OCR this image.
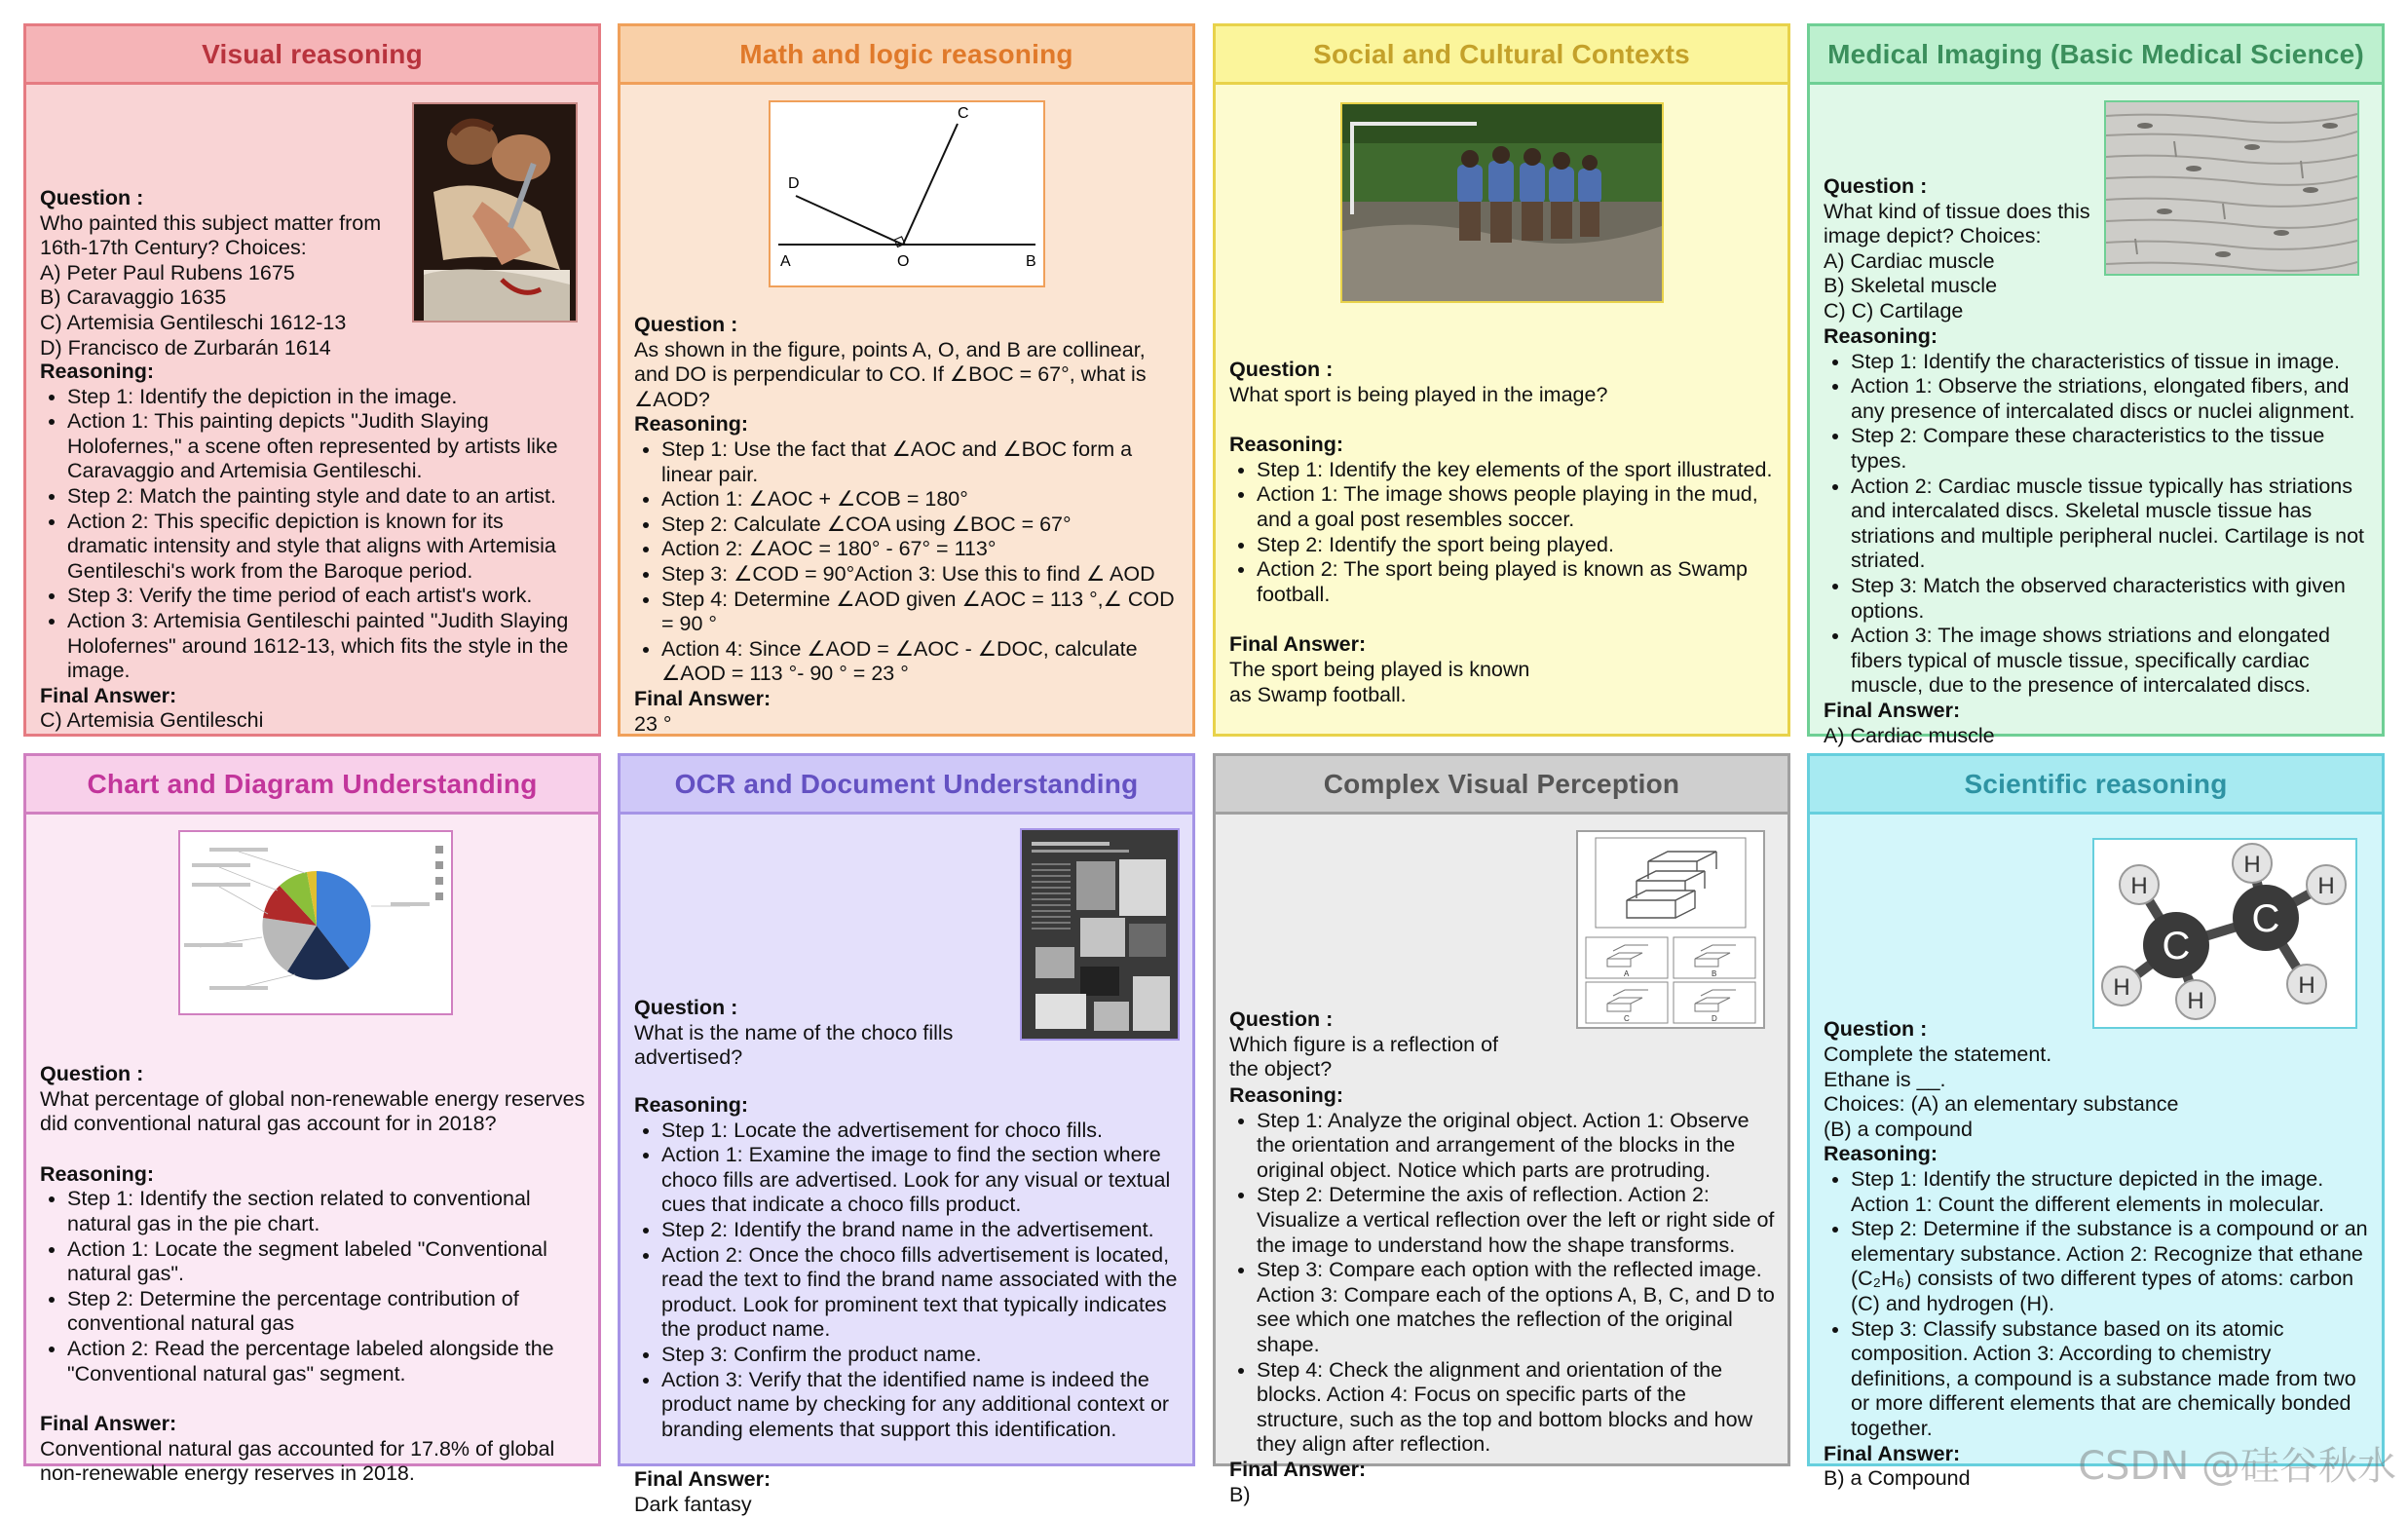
Visual reasoning
Question :
Who painted this subject matter from
16th-17th Century? Choices:
A) Peter Paul Rubens 1675
B) Caravaggio 1635
C) Artemisia Gentileschi 1612-13
D) Francisco de Zurbarán 1614
Reasoning:
• Step 1: Identify the depiction in the image.
• Action 1: This painting depicts "Judith Slaying Holofernes," a scene often represented by artists like Caravaggio and Artemisia Gentileschi.
• Step 2: Match the painting style and date to an artist.
• Action 2: This specific depiction is known for its dramatic intensity and style that aligns with Artemisia Gentileschi's work from the Baroque period.
• Step 3: Verify the time period of each artist's work.
• Action 3: Artemisia Gentileschi painted "Judith Slaying Holofernes" around 1612-13, which fits the style in the image.
Final Answer:
C) Artemisia Gentileschi
Math and logic reasoning
A	O	B
C
D
Question :
As shown in the figure, points A, O, and B are collinear, and DO is perpendicular to CO. If ∠BOC = 67°, what is ∠AOD?
Reasoning:
• Step 1: Use the fact that ∠AOC and ∠BOC form a linear pair.
• Action 1: ∠AOC + ∠COB = 180°
• Step 2: Calculate ∠COA using ∠BOC = 67°
• Action 2: ∠AOC = 180° - 67° = 113°
• Step 3: ∠COD = 90°Action 3: Use this to find ∠ AOD
• Step 4: Determine ∠AOD given ∠AOC = 113 °,∠ COD = 90 °
• Action 4: Since ∠AOD = ∠AOC - ∠DOC, calculate ∠AOD = 113 °- 90 ° = 23 °
Final Answer:
23 °
Social and Cultural Contexts
Question :
What sport is being played in the image?
Reasoning:
• Step 1: Identify the key elements of the sport illustrated.
• Action 1: The image shows people playing in the mud, and a goal post resembles soccer.
• Step 2: Identify the sport being played.
• Action 2: The sport being played is known as Swamp football.
Final Answer:
The sport being played is known
as Swamp football.
Medical Imaging (Basic Medical Science)
Question :
What kind of tissue does this
image depict? Choices:
A) Cardiac muscle
B) Skeletal muscle
C) C) Cartilage
Reasoning:
• Step 1: Identify the characteristics of tissue in image.
• Action 1: Observe the striations, elongated fibers, and any presence of intercalated discs or nuclei alignment.
• Step 2: Compare these characteristics to the tissue types.
• Action 2: Cardiac muscle tissue typically has striations and intercalated discs. Skeletal muscle tissue has striations and multiple peripheral nuclei. Cartilage is not striated.
• Step 3: Match the observed characteristics with given options.
• Action 3: The image shows striations and elongated fibers typical of muscle tissue, specifically cardiac muscle, due to the presence of intercalated discs.
Final Answer:
A) Cardiac muscle
Chart and Diagram Understanding
Question :
What percentage of global non-renewable energy reserves did conventional natural gas account for in 2018?
Reasoning:
• Step 1: Identify the section related to conventional natural gas in the pie chart.
• Action 1: Locate the segment labeled "Conventional natural gas".
• Step 2: Determine the percentage contribution of conventional natural gas
• Action 2: Read the percentage labeled alongside the "Conventional natural gas" segment.
Final Answer:
Conventional natural gas accounted for 17.8% of global non-renewable energy reserves in 2018.
OCR and Document Understanding
Question :
What is the name of the choco fills advertised?
Reasoning:
• Step 1: Locate the advertisement for choco fills.
• Action 1: Examine the image to find the section where choco fills are advertised. Look for any visual or textual cues that indicate a choco fills product.
• Step 2: Identify the brand name in the advertisement.
• Action 2: Once the choco fills advertisement is located, read the text to find the brand name associated with the product. Look for prominent text that typically indicates the product name.
• Step 3: Confirm the product name.
• Action 3: Verify that the identified name is indeed the product name by checking for any additional context or branding elements that support this identification.
Final Answer:
Dark fantasy
Complex Visual Perception
A	B
C	D
Question :
Which figure is a reflection of
the object?
Reasoning:
• Step 1: Analyze the original object. Action 1: Observe the orientation and arrangement of the blocks in the original object. Notice which parts are protruding.
• Step 2: Determine the axis of reflection. Action 2: Visualize a vertical reflection over the left or right side of the image to understand how the shape transforms.
• Step 3: Compare each option with the reflected image. Action 3: Compare each of the options A, B, C, and D to see which one matches the reflection of the original shape.
• Step 4: Check the alignment and orientation of the blocks. Action 4: Focus on specific parts of the structure, such as the top and bottom blocks and how they align after reflection.
Final Answer:
B)
Scientific reasoning
H
H
H
H
H
H
C
C
Question :
Complete the statement.
Ethane is __.
Choices: (A) an elementary substance
(B) a compound
Reasoning:
• Step 1: Identify the structure depicted in the image. Action 1: Count the different elements in molecular.
• Step 2: Determine if the substance is a compound or an elementary substance. Action 2: Recognize that ethane (C₂H₆) consists of two different types of atoms: carbon (C) and hydrogen (H).
• Step 3: Classify substance based on its atomic composition. Action 3: According to chemistry definitions, a compound is a substance made from two or more different elements that are chemically bonded together.
Final Answer:
B) a Compound	CSDN @硅谷秋水
